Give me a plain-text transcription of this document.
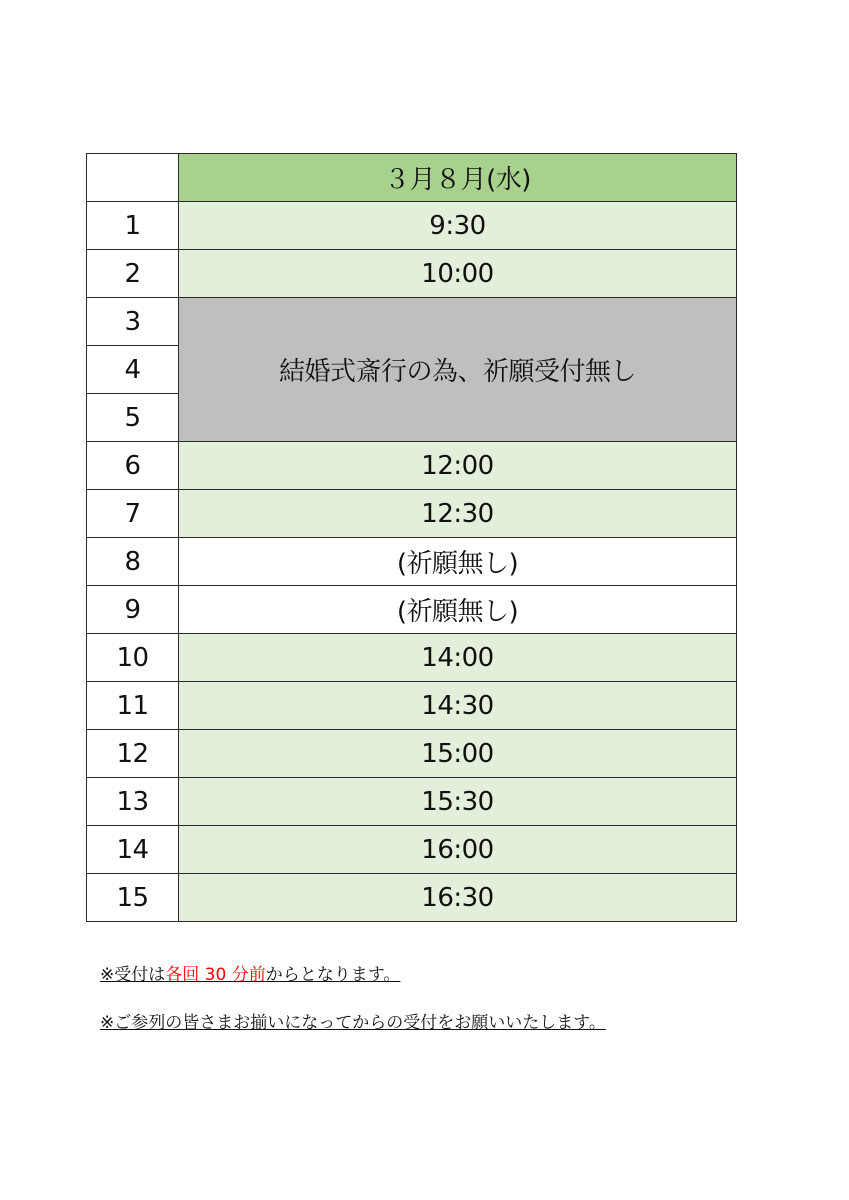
	３月８月(水)
1	9:30
2	10:00
3	結婚式斎行の為、祈願受付無し
4	
5	
6	12:00
7	12:30
8	(祈願無し)
9	(祈願無し)
10	14:00
11	14:30
12	15:00
13	15:30
14	16:00
15	16:30
※受付は各回 30 分前からとなります。
※ご参列の皆さまお揃いになってからの受付をお願いいたします。
